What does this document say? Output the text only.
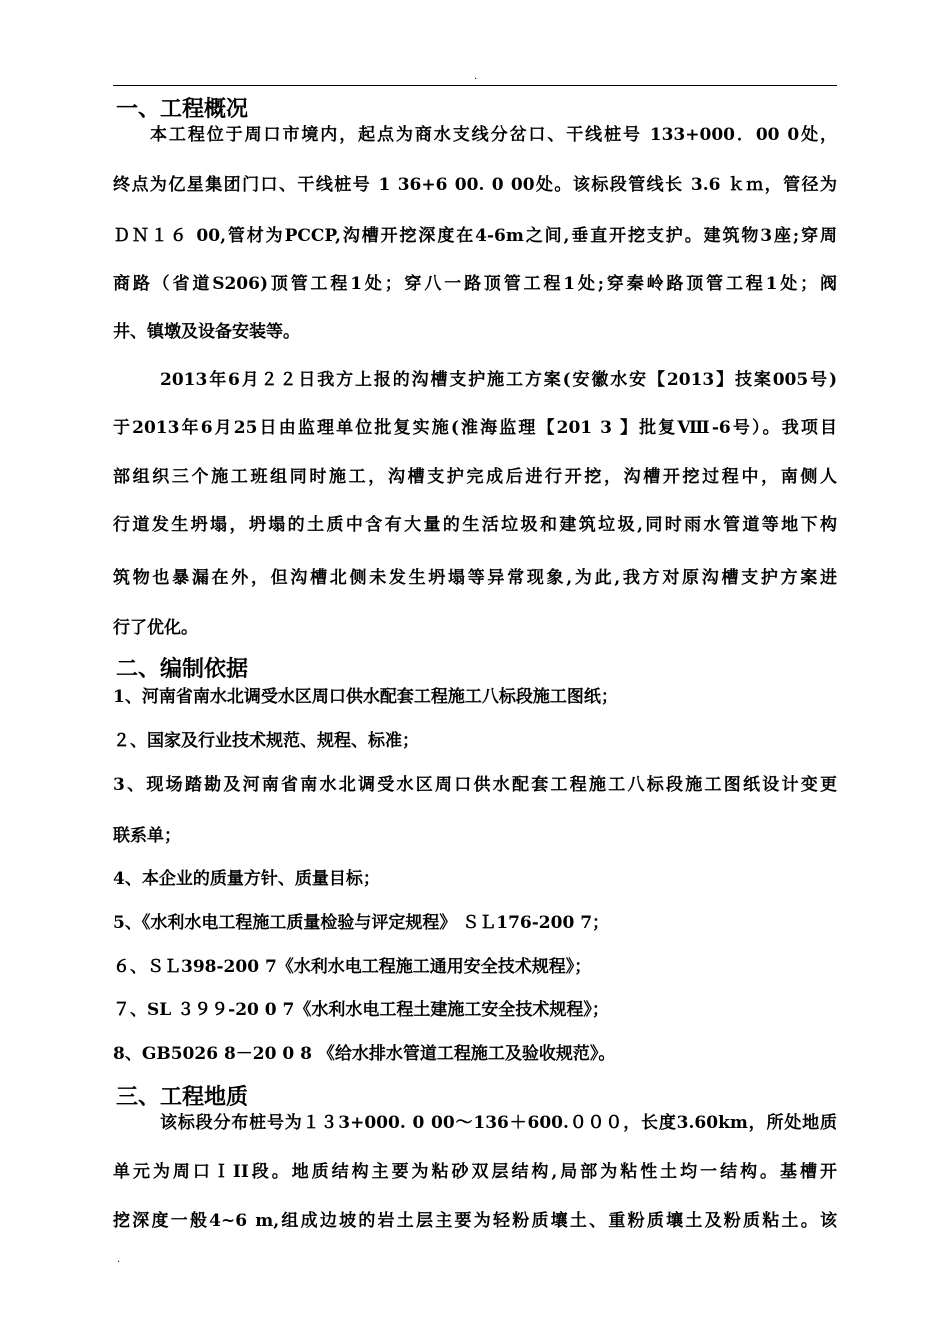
.
一、工程概况
本工程位于周口市境内，起点为商水支线分岔口、干线桩号 133+000．00 0处，
终点为亿星集团门口、干线桩号 1 36+6 00. 0 00处。该标段管线长 3.6 ｋｍ，管径为
ＤＮ１６ 00,管材为PCCP,沟槽开挖深度在4-6m之间,垂直开挖支护。建筑物3座;穿周
商路（省道S206)顶管工程1处；穿八一路顶管工程1处;穿秦岭路顶管工程1处；阀
井、镇墩及设备安装等。
2013年6月２２日我方上报的沟槽支护施工方案(安徽水安【2013】技案005号)
于2013年6月25日由监理单位批复实施(淮海监理【201 3 】批复Ⅷ-6号）。我项目
部组织三个施工班组同时施工，沟槽支护完成后进行开挖，沟槽开挖过程中，南侧人
行道发生坍塌，坍塌的土质中含有大量的生活垃圾和建筑垃圾,同时雨水管道等地下构
筑物也暴漏在外，但沟槽北侧未发生坍塌等异常现象,为此,我方对原沟槽支护方案进
行了优化。
二、编制依据
1、河南省南水北调受水区周口供水配套工程施工八标段施工图纸；
２、国家及行业技术规范、规程、标准；
3、现场踏勘及河南省南水北调受水区周口供水配套工程施工八标段施工图纸设计变更
联系单；
4、本企业的质量方针、质量目标；
5、《水利水电工程施工质量检验与评定规程》 ＳＬ176-200 7；
６、ＳＬ398-200 7《水利水电工程施工通用安全技术规程》；
７、SL ３９９-20 0 7《水利水电工程土建施工安全技术规程》；
8、GB5026 8－20 0 8 《给水排水管道工程施工及验收规范》。
三、工程地质
该标段分布桩号为１３3+000. 0 00～136＋600.０００，长度3.60km，所处地质
单元为周口ＩII段。地质结构主要为粘砂双层结构,局部为粘性土均一结构。基槽开
挖深度一般4~6 m,组成边坡的岩土层主要为轻粉质壤土、重粉质壤土及粉质粘土。该
.
